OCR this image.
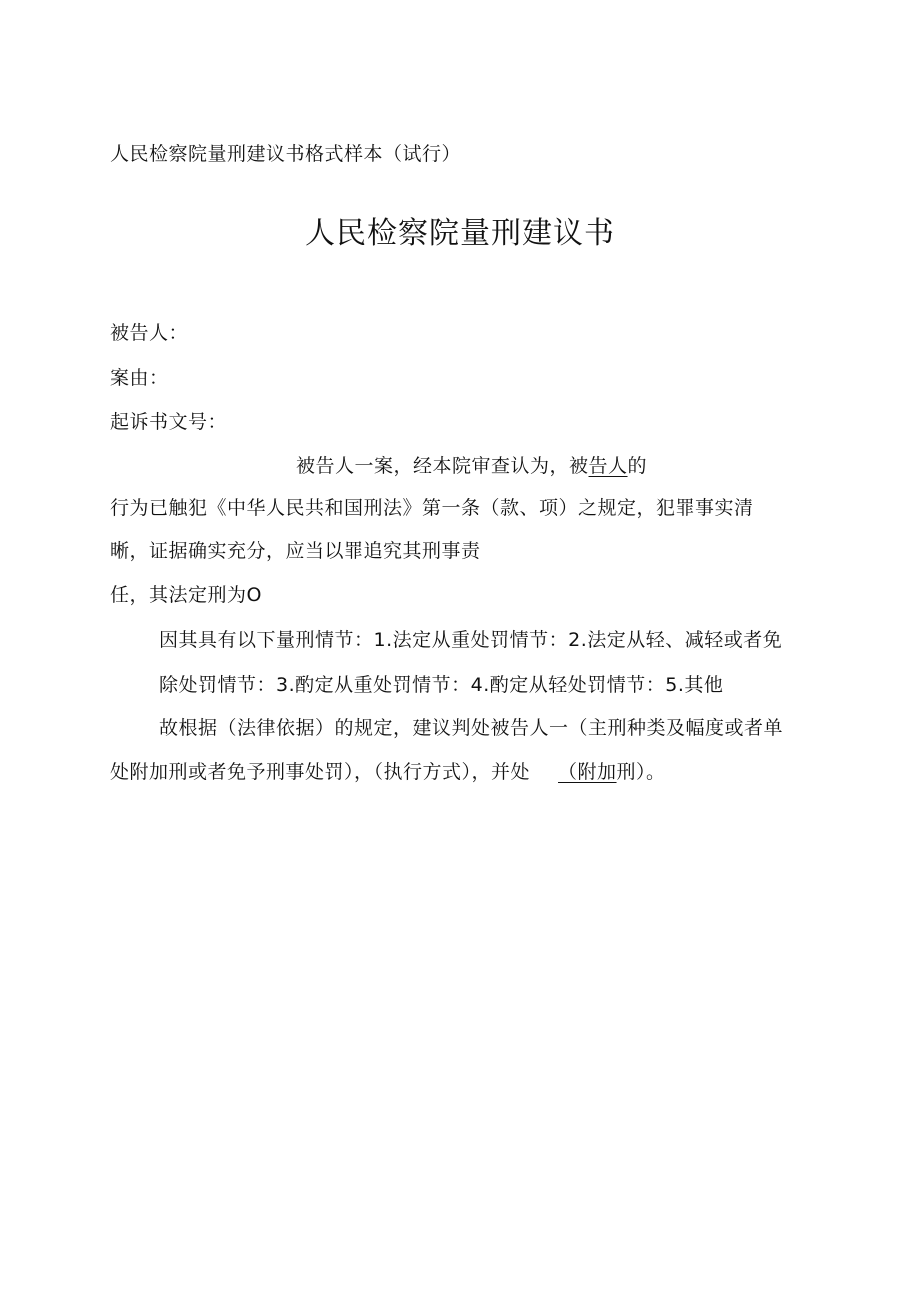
人民检察院量刑建议书格式样本（试行）
人民检察院量刑建议书
被告人：
案由：
起诉书文号：
被告人一案，经本院审查认为，被告人的
行为已触犯《中华人民共和国刑法》第一条（款、项）之规定，犯罪事实清
晰，证据确实充分，应当以罪追究其刑事责
任，其法定刑为O
因其具有以下量刑情节：1.法定从重处罚情节：2.法定从轻、减轻或者免
除处罚情节：3.酌定从重处罚情节：4.酌定从轻处罚情节：5.其他
故根据（法律依据）的规定，建议判处被告人一（主刑种类及幅度或者单
处附加刑或者免予刑事处罚），（执行方式），并处 （附加刑）。
